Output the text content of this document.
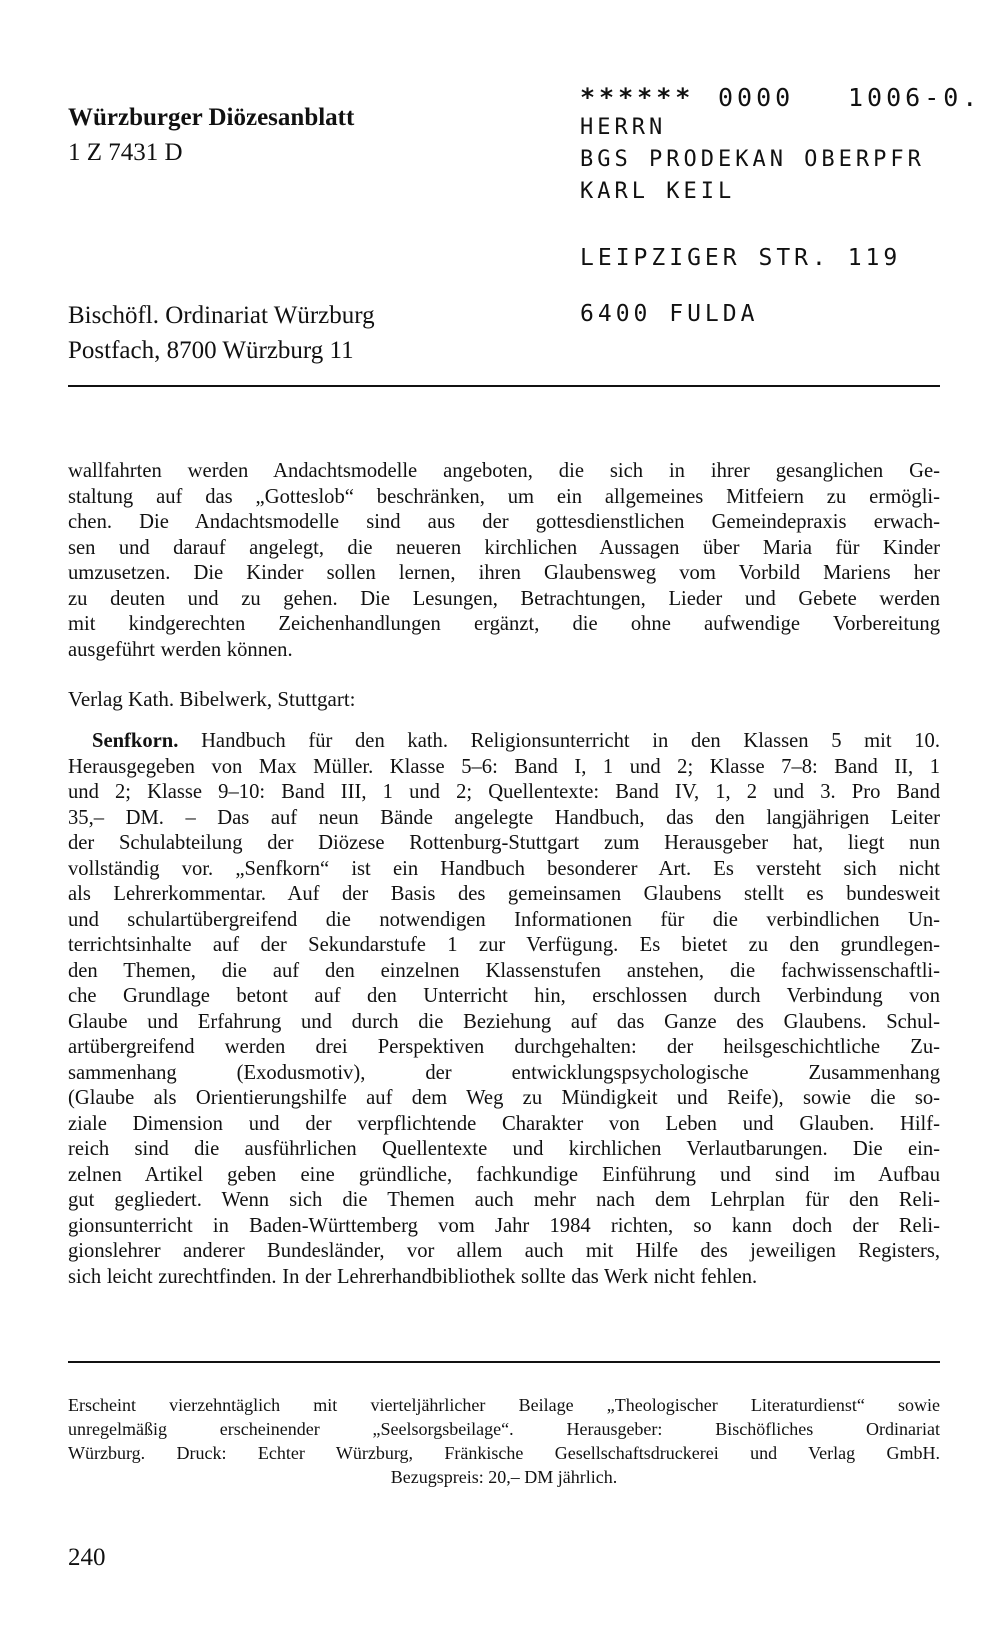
Würzburger Diözesanblatt
1 Z 7431 D
Bischöfl. Ordinariat Würzburg
Postfach, 8700 Würzburg 11
****** 0000 1006-0.
HERRN
BGS PRODEKAN OBERPFR
KARL KEIL
LEIPZIGER STR. 119
6400 FULDA
wallfahrten werden Andachtsmodelle angeboten, die sich in ihrer gesanglichen Ge-
staltung auf das „Gotteslob“ beschränken, um ein allgemeines Mitfeiern zu ermögli-
chen. Die Andachtsmodelle sind aus der gottesdienstlichen Gemeindepraxis erwach-
sen und darauf angelegt, die neueren kirchlichen Aussagen über Maria für Kinder
umzusetzen. Die Kinder sollen lernen, ihren Glaubensweg vom Vorbild Mariens her
zu deuten und zu gehen. Die Lesungen, Betrachtungen, Lieder und Gebete werden
mit kindgerechten Zeichenhandlungen ergänzt, die ohne aufwendige Vorbereitung
ausgeführt werden können.
Verlag Kath. Bibelwerk, Stuttgart:
Senfkorn. Handbuch für den kath. Religionsunterricht in den Klassen 5 mit 10.
Herausgegeben von Max Müller. Klasse 5–6: Band I, 1 und 2; Klasse 7–8: Band II, 1
und 2; Klasse 9–10: Band III, 1 und 2; Quellentexte: Band IV, 1, 2 und 3. Pro Band
35,– DM. – Das auf neun Bände angelegte Handbuch, das den langjährigen Leiter
der Schulabteilung der Diözese Rottenburg-Stuttgart zum Herausgeber hat, liegt nun
vollständig vor. „Senfkorn“ ist ein Handbuch besonderer Art. Es versteht sich nicht
als Lehrerkommentar. Auf der Basis des gemeinsamen Glaubens stellt es bundesweit
und schulartübergreifend die notwendigen Informationen für die verbindlichen Un-
terrichtsinhalte auf der Sekundarstufe 1 zur Verfügung. Es bietet zu den grundlegen-
den Themen, die auf den einzelnen Klassenstufen anstehen, die fachwissenschaftli-
che Grundlage betont auf den Unterricht hin, erschlossen durch Verbindung von
Glaube und Erfahrung und durch die Beziehung auf das Ganze des Glaubens. Schul-
artübergreifend werden drei Perspektiven durchgehalten: der heilsgeschichtliche Zu-
sammenhang (Exodusmotiv), der entwicklungspsychologische Zusammenhang
(Glaube als Orientierungshilfe auf dem Weg zu Mündigkeit und Reife), sowie die so-
ziale Dimension und der verpflichtende Charakter von Leben und Glauben. Hilf-
reich sind die ausführlichen Quellentexte und kirchlichen Verlautbarungen. Die ein-
zelnen Artikel geben eine gründliche, fachkundige Einführung und sind im Aufbau
gut gegliedert. Wenn sich die Themen auch mehr nach dem Lehrplan für den Reli-
gionsunterricht in Baden-Württemberg vom Jahr 1984 richten, so kann doch der Reli-
gionslehrer anderer Bundesländer, vor allem auch mit Hilfe des jeweiligen Registers,
sich leicht zurechtfinden. In der Lehrerhandbibliothek sollte das Werk nicht fehlen.
Erscheint vierzehntäglich mit vierteljährlicher Beilage „Theologischer Literaturdienst“ sowie
unregelmäßig erscheinender „Seelsorgsbeilage“. Herausgeber: Bischöfliches Ordinariat
Würzburg. Druck: Echter Würzburg, Fränkische Gesellschaftsdruckerei und Verlag GmbH.
Bezugspreis: 20,– DM jährlich.
240
